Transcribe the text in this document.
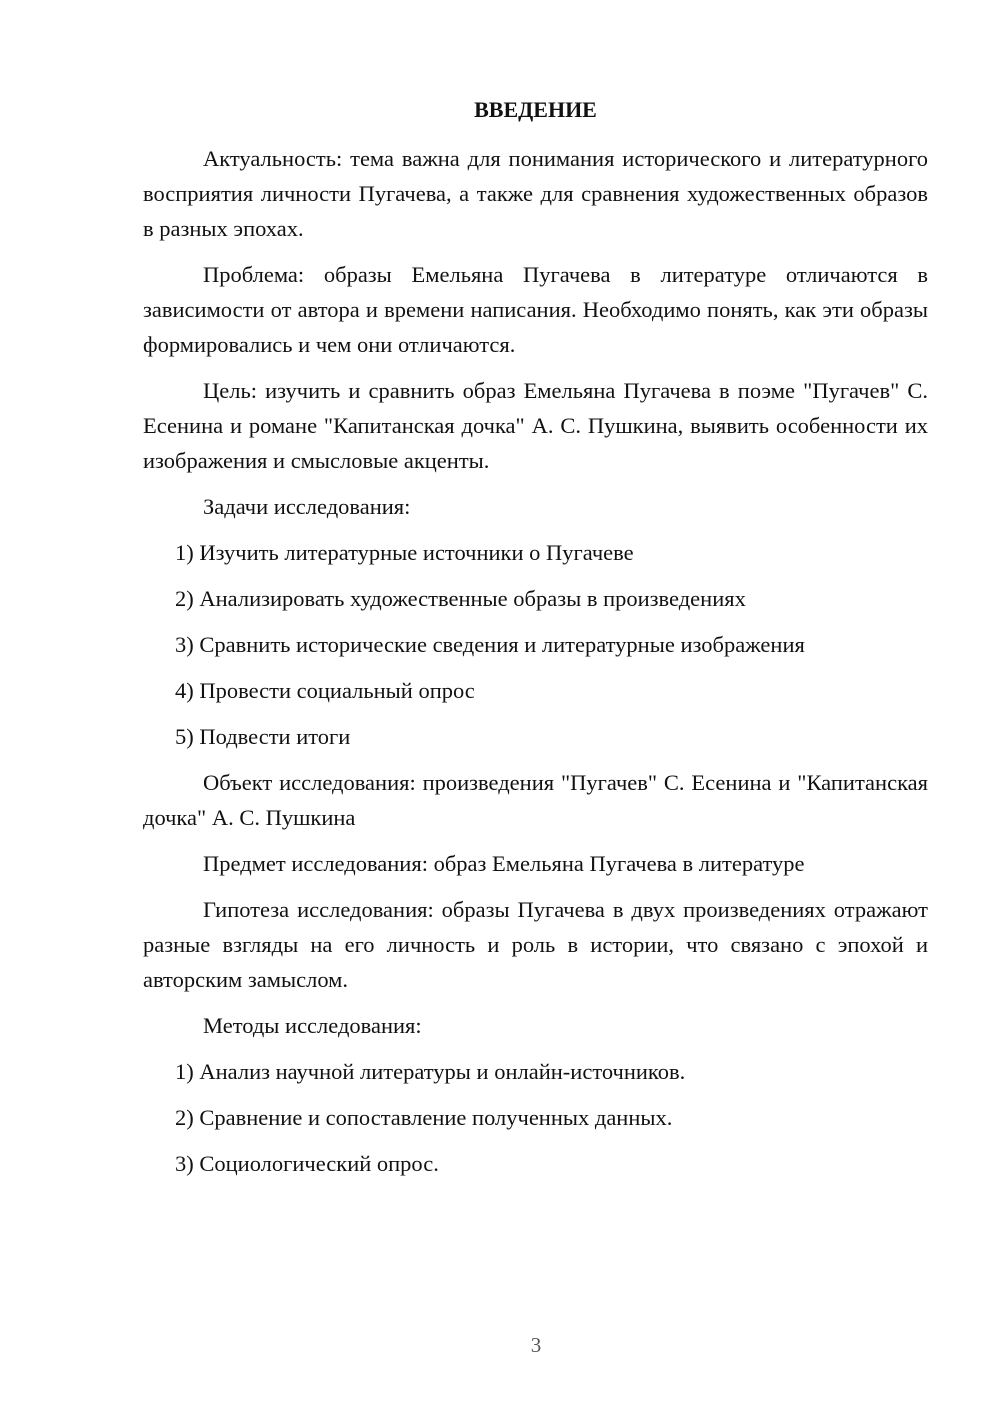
ВВЕДЕНИЕ

Актуальность: тема важна для понимания исторического и литературного восприятия личности Пугачева, а также для сравнения художественных образов в разных эпохах.

Проблема: образы Емельяна Пугачева в литературе отличаются в зависимости от автора и времени написания. Необходимо понять, как эти образы формировались и чем они отличаются.

Цель: изучить и сравнить образ Емельяна Пугачева в поэме "Пугачев" С. Есенина и романе "Капитанская дочка" А. С. Пушкина, выявить особенности их изображения и смысловые акценты.

Задачи исследования:

1) Изучить литературные источники о Пугачеве
2) Анализировать художественные образы в произведениях
3) Сравнить исторические сведения и литературные изображения
4) Провести социальный опрос
5) Подвести итоги

Объект исследования: произведения "Пугачев" С. Есенина и "Капитанская дочка" А. С. Пушкина

Предмет исследования: образ Емельяна Пугачева в литературе

Гипотеза исследования: образы Пугачева в двух произведениях отражают разные взгляды на его личность и роль в истории, что связано с эпохой и авторским замыслом.

Методы исследования:

1) Анализ научной литературы и онлайн-источников.
2) Сравнение и сопоставление полученных данных.
3) Социологический опрос.
3
